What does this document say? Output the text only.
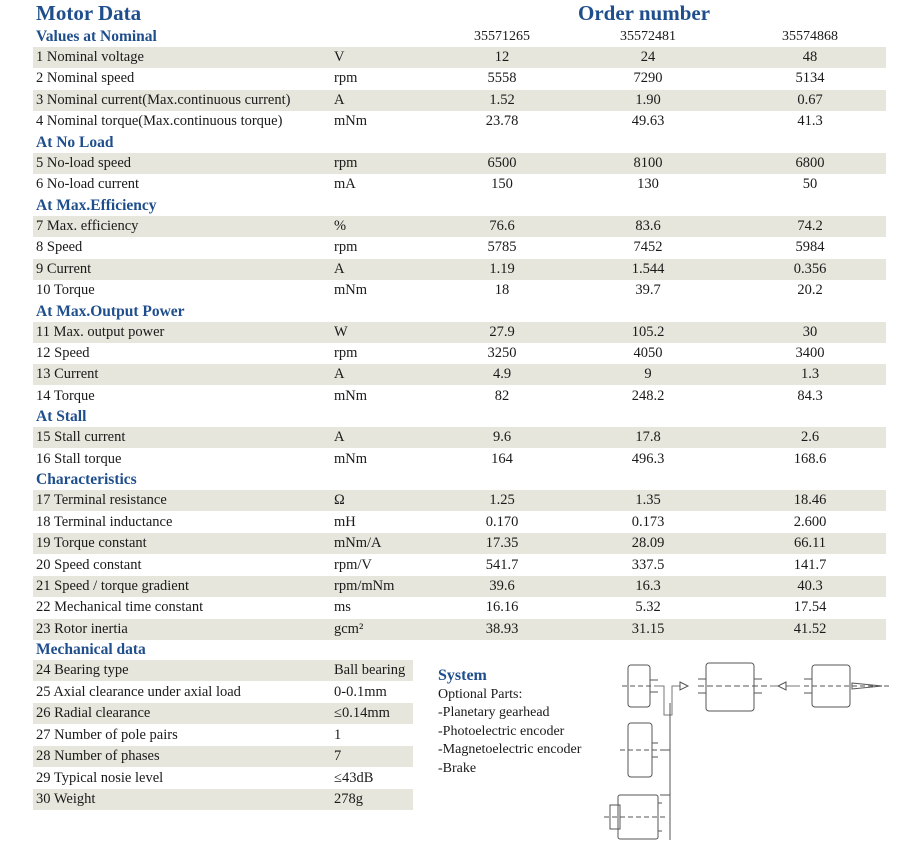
Motor Data	Order number
35571265	35572481	35574868
Values at Nominal
1 Nominal voltage	V	12	24	48
2 Nominal speed	rpm	5558	7290	5134
3 Nominal current(Max.continuous current)	A	1.52	1.90	0.67
4 Nominal torque(Max.continuous torque)	mNm	23.78	49.63	41.3
At No Load
5 No-load speed	rpm	6500	8100	6800
6 No-load current	mA	150	130	50
At Max.Efficiency
7 Max. efficiency	%	76.6	83.6	74.2
8 Speed	rpm	5785	7452	5984
9 Current	A	1.19	1.544	0.356
10 Torque	mNm	18	39.7	20.2
At Max.Output Power
11 Max. output power	W	27.9	105.2	30
12 Speed	rpm	3250	4050	3400
13 Current	A	4.9	9	1.3
14 Torque	mNm	82	248.2	84.3
At Stall
15 Stall current	A	9.6	17.8	2.6
16 Stall torque	mNm	164	496.3	168.6
Characteristics
17 Terminal resistance	Ω	1.25	1.35	18.46
18 Terminal inductance	mH	0.170	0.173	2.600
19 Torque constant	mNm/A	17.35	28.09	66.11
20 Speed constant	rpm/V	541.7	337.5	141.7
21 Speed / torque gradient	rpm/mNm	39.6	16.3	40.3
22 Mechanical time constant	ms	16.16	5.32	17.54
23 Rotor inertia	gcm²	38.93	31.15	41.52
Mechanical data
24 Bearing type	Ball bearing
25 Axial clearance under axial load	0-0.1mm
26 Radial clearance	≤0.14mm
27 Number of pole pairs	1
28 Number of phases	7
29 Typical nosie level	≤43dB
30 Weight	278g
System
Optional Parts:
-Planetary gearhead
-Photoelectric encoder
-Magnetoelectric encoder
-Brake
